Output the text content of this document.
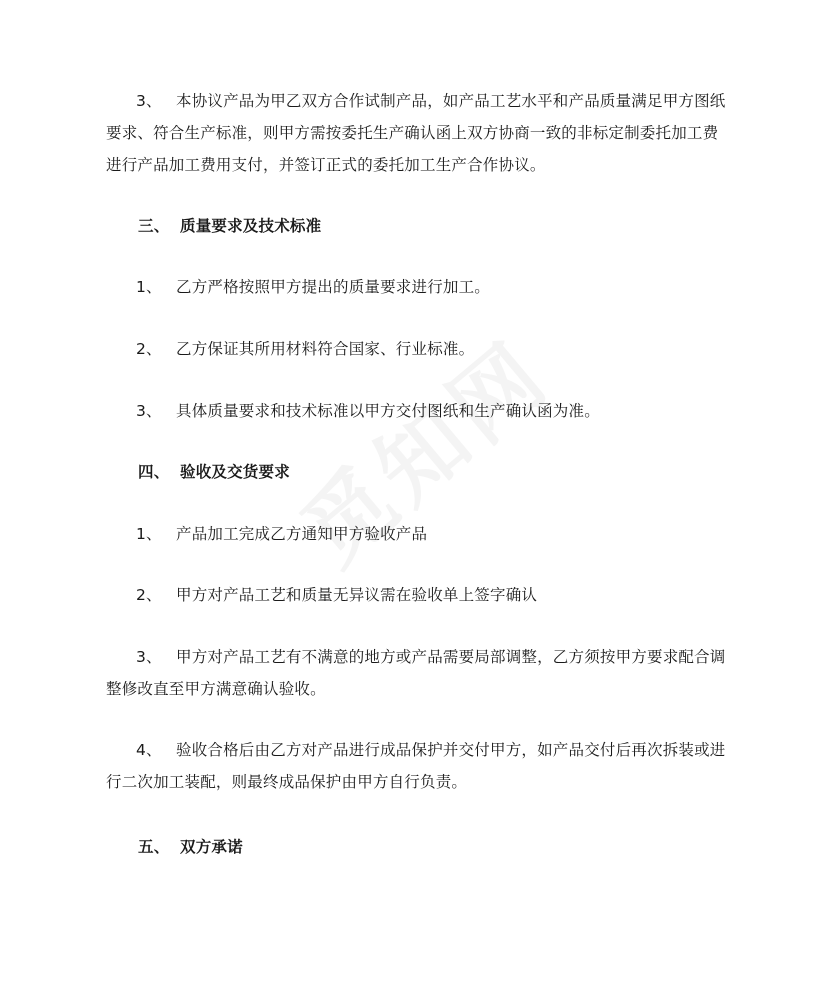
3、 本协议产品为甲乙双方合作试制产品，如产品工艺水平和产品质量满足甲方图纸要求、符合生产标准，则甲方需按委托生产确认函上双方协商一致的非标定制委托加工费进行产品加工费用支付，并签订正式的委托加工生产合作协议。
三、 质量要求及技术标准
1、 乙方严格按照甲方提出的质量要求进行加工。
2、 乙方保证其所用材料符合国家、行业标准。
3、 具体质量要求和技术标准以甲方交付图纸和生产确认函为准。
四、 验收及交货要求
1、 产品加工完成乙方通知甲方验收产品
2、 甲方对产品工艺和质量无异议需在验收单上签字确认
3、 甲方对产品工艺有不满意的地方或产品需要局部调整，乙方须按甲方要求配合调整修改直至甲方满意确认验收。
4、 验收合格后由乙方对产品进行成品保护并交付甲方，如产品交付后再次拆装或进行二次加工装配，则最终成品保护由甲方自行负责。
五、 双方承诺
